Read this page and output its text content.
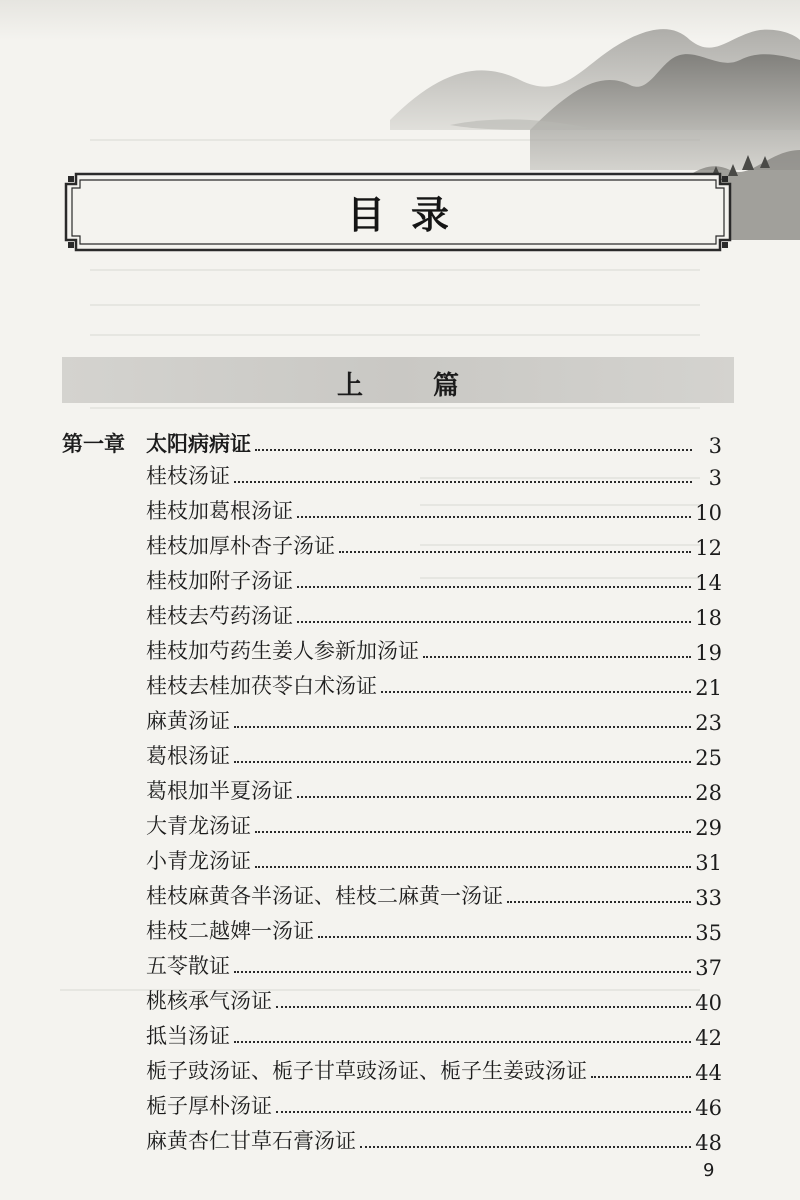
目录
上篇
第一章 太阳病病证	3
桂枝汤证	3
桂枝加葛根汤证	10
桂枝加厚朴杏子汤证	12
桂枝加附子汤证	14
桂枝去芍药汤证	18
桂枝加芍药生姜人参新加汤证	19
桂枝去桂加茯苓白术汤证	21
麻黄汤证	23
葛根汤证	25
葛根加半夏汤证	28
大青龙汤证	29
小青龙汤证	31
桂枝麻黄各半汤证、桂枝二麻黄一汤证	33
桂枝二越婢一汤证	35
五苓散证	37
桃核承气汤证	40
抵当汤证	42
栀子豉汤证、栀子甘草豉汤证、栀子生姜豉汤证	44
栀子厚朴汤证	46
麻黄杏仁甘草石膏汤证	48
9
